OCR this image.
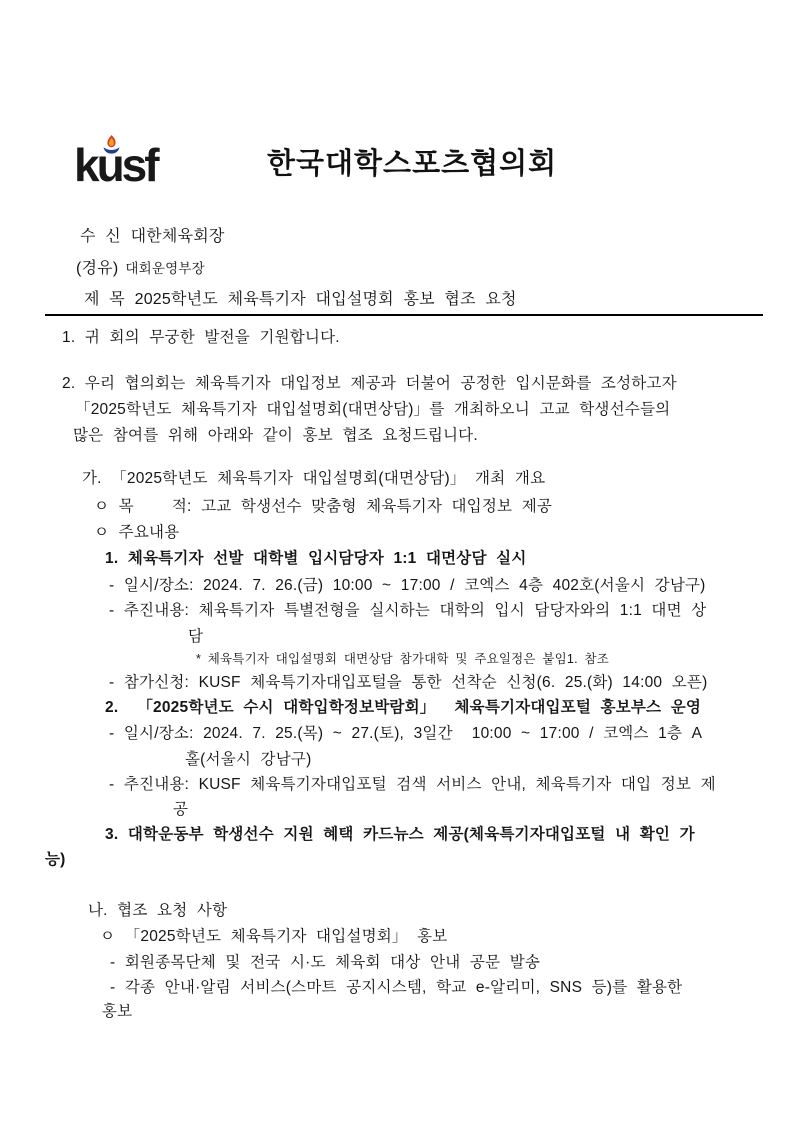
kusf	한국대학스포츠협의회
수 신 대한체육회장
(경유) 대회운영부장
제 목 2025학년도 체육특기자 대입설명회 홍보 협조 요청
1. 귀 회의 무궁한 발전을 기원합니다.
2. 우리 협의회는 체육특기자 대입정보 제공과 더불어 공정한 입시문화를 조성하고자
「2025학년도 체육특기자 대입설명회(대면상담)」를 개최하오니 고교 학생선수들의
많은 참여를 위해 아래와 같이 홍보 협조 요청드립니다.
가. 「2025학년도 체육특기자 대입설명회(대면상담)」 개최 개요
ㅇ 목    적: 고교 학생선수 맞춤형 체육특기자 대입정보 제공
ㅇ 주요내용
1. 체육특기자 선발 대학별 입시담당자 1:1 대면상담 실시
- 일시/장소: 2024. 7. 26.(금) 10:00 ~ 17:00 / 코엑스 4층 402호(서울시 강남구)
- 추진내용: 체육특기자 특별전형을 실시하는 대학의 입시 담당자와의 1:1 대면 상
담
* 체육특기자 대입설명회 대면상담 참가대학 및 주요일정은 붙임1. 참조
- 참가신청: KUSF 체육특기자대입포털을 통한 선착순 신청(6. 25.(화) 14:00 오픈)
2.  「2025학년도 수시 대학입학정보박람회」  체육특기자대입포털 홍보부스 운영
- 일시/장소: 2024. 7. 25.(목) ~ 27.(토), 3일간  10:00 ~ 17:00 / 코엑스 1층 A
홀(서울시 강남구)
- 추진내용: KUSF 체육특기자대입포털 검색 서비스 안내, 체육특기자 대입 정보 제
공
3. 대학운동부 학생선수 지원 혜택 카드뉴스 제공(체육특기자대입포털 내 확인 가
능)
나. 협조 요청 사항
ㅇ 「2025학년도 체육특기자 대입설명회」 홍보
- 회원종목단체 및 전국 시·도 체육회 대상 안내 공문 발송
- 각종 안내·알림 서비스(스마트 공지시스템, 학교 e-알리미, SNS 등)를 활용한
홍보
